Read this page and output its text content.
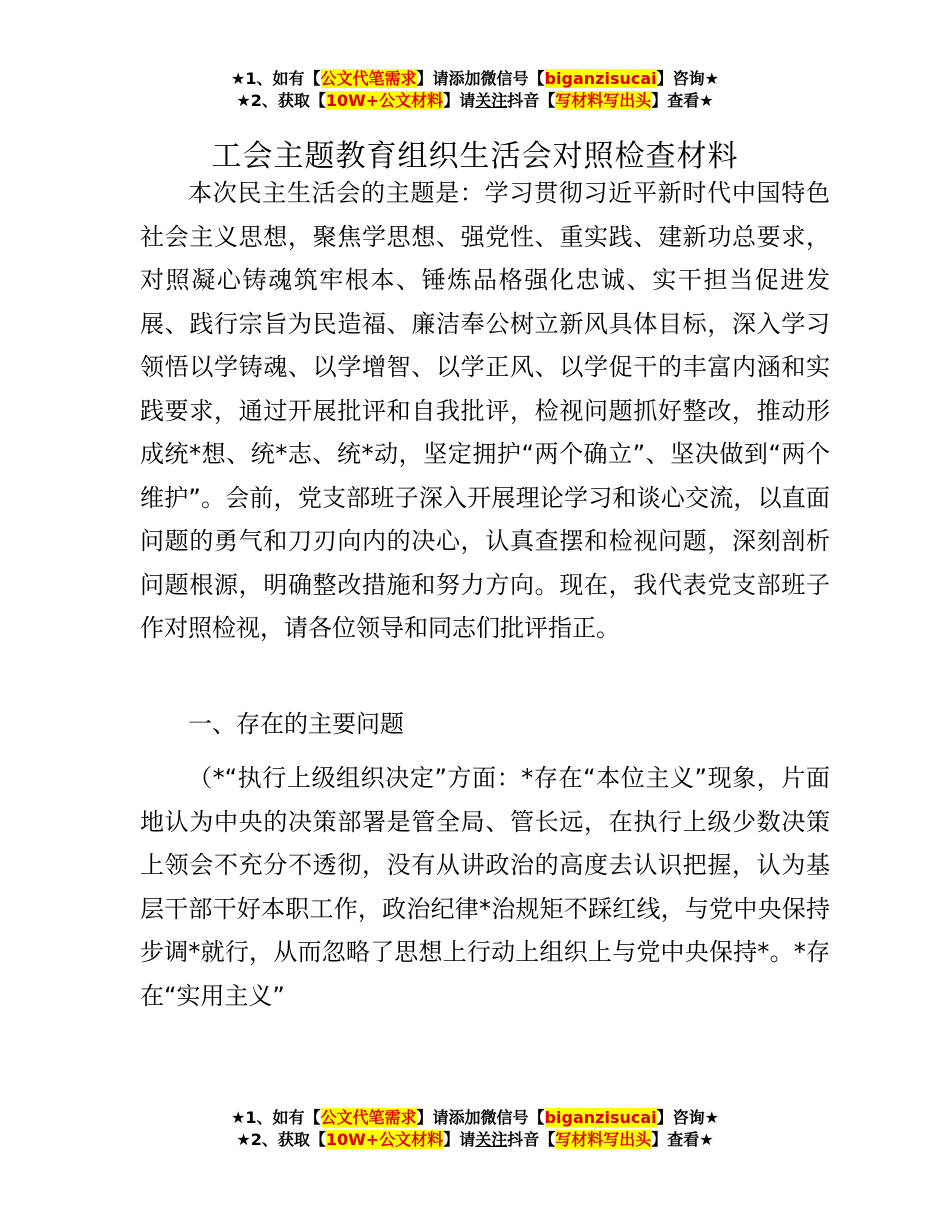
★1、如有【公文代笔需求】请添加微信号【biganzisucai】咨询★
★2、获取【10W+公文材料】请关注抖音【写材料写出头】查看★
工会主题教育组织生活会对照检查材料

本次民主生活会的主题是：学习贯彻习近平新时代中国特色社会主义思想，聚焦学思想、强党性、重实践、建新功总要求，对照凝心铸魂筑牢根本、锤炼品格强化忠诚、实干担当促进发展、践行宗旨为民造福、廉洁奉公树立新风具体目标，深入学习领悟以学铸魂、以学增智、以学正风、以学促干的丰富内涵和实践要求，通过开展批评和自我批评，检视问题抓好整改，推动形成统*想、统*志、统*动，坚定拥护“两个确立”、坚决做到“两个维护”。会前，党支部班子深入开展理论学习和谈心交流，以直面问题的勇气和刀刃向内的决心，认真查摆和检视问题，深刻剖析问题根源，明确整改措施和努力方向。现在，我代表党支部班子作对照检视，请各位领导和同志们批评指正。

一、存在的主要问题

（*“执行上级组织决定”方面：*存在“本位主义”现象，片面地认为中央的决策部署是管全局、管长远，在执行上级少数决策上领会不充分不透彻，没有从讲政治的高度去认识把握，认为基层干部干好本职工作，政治纪律*治规矩不踩红线，与党中央保持步调*就行，从而忽略了思想上行动上组织上与党中央保持*。*存在“实用主义”

★1、如有【公文代笔需求】请添加微信号【biganzisucai】咨询★
★2、获取【10W+公文材料】请关注抖音【写材料写出头】查看★
